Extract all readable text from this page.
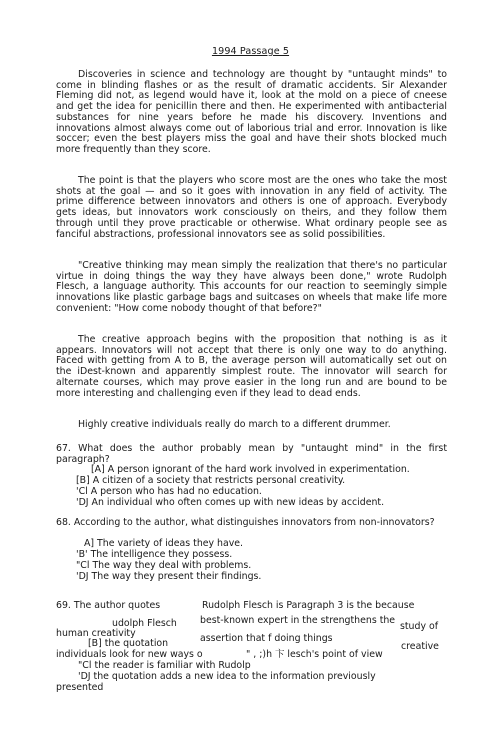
1994 Passage 5

Discoveries in science and technology are thought by "untaught minds" to come in blinding flashes or as the result of dramatic accidents. Sir Alexander Fleming did not, as legend would have it, look at the mold on a piece of cneese and get the idea for penicillin there and then. He experimented with antibacterial substances for nine years before he made his discovery. Inventions and innovations almost always come out of laborious trial and error. Innovation is like soccer; even the best players miss the goal and have their shots blocked much more frequently than they score.

The point is that the players who score most are the ones who take the most shots at the goal — and so it goes with innovation in any field of activity. The prime difference between innovators and others is one of approach. Everybody gets ideas, but innovators work consciously on theirs, and they follow them through until they prove practicable or otherwise. What ordinary people see as fanciful abstractions, professional innovators see as solid possibilities.

"Creative thinking may mean simply the realization that there's no particular virtue in doing things the way they have always been done," wrote Rudolph Flesch, a language authority. This accounts for our reaction to seemingly simple innovations like plastic garbage bags and suitcases on wheels that make life more convenient: "How come nobody thought of that before?"

The creative approach begins with the proposition that nothing is as it appears. Innovators will not accept that there is only one way to do anything. Faced with getting from A to B, the average person will automatically set out on the iDest-known and apparently simplest route. The innovator will search for alternate courses, which may prove easier in the long run and are bound to be more interesting and challenging even if they lead to dead ends.

Highly creative individuals really do march to a different drummer.

67. What does the author probably mean by "untaught mind" in the first paragraph?

[A] A person ignorant of the hard work involved in experimentation.
[B] A citizen of a society that restricts personal creativity.
'Cl A person who has had no education.
'DJ An individual who often comes up with new ideas by accident.

68. According to the author, what distinguishes innovators from non-innovators?

A] The variety of ideas they have.
'B' The intelligence they possess.
"Cl The way they deal with problems.
'DJ The way they present their findings.
69. The author quotes	Rudolph Flesch is Paragraph 3 is the because
udolph Flesch best-known expert in the strengthens the
study of
human creativity
[B] the quotation	assertion that f doing things
creative
individuals look for new ways o	" , ;)h 卞 lesch's point of view
"Cl the reader is familiar with Rudolp
'DJ the quotation adds a new idea to the information previously
presented
